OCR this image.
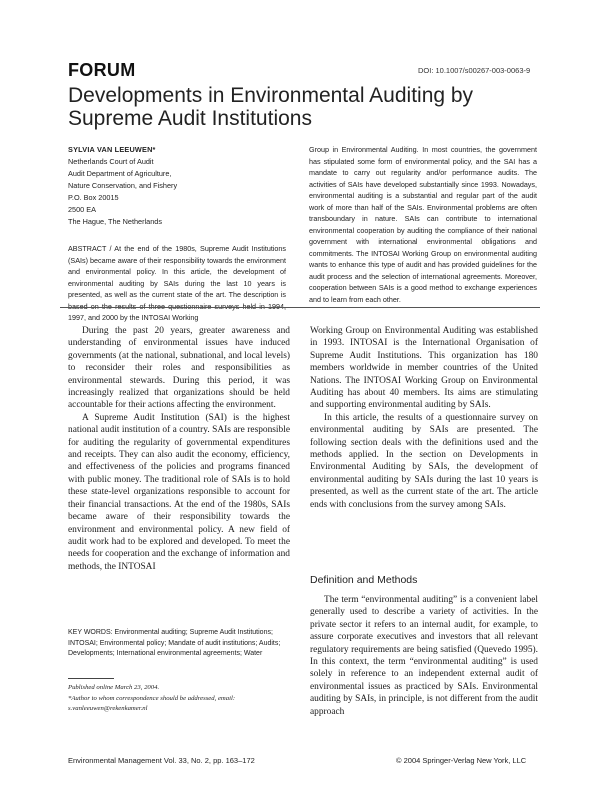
FORUM	DOI: 10.1007/s00267-003-0063-9
Developments in Environmental Auditing by Supreme Audit Institutions
SYLVIA VAN LEEUWEN*
Netherlands Court of Audit
Audit Department of Agriculture,
Nature Conservation, and Fishery
P.O. Box 20015
2500 EA
The Hague, The Netherlands
ABSTRACT / At the end of the 1980s, Supreme Audit Institutions (SAIs) became aware of their responsibility towards the environment and environmental policy. In this article, the development of environmental auditing by SAIs during the last 10 years is presented, as well as the current state of the art. The description is based on the results of three questionnaire surveys held in 1994, 1997, and 2000 by the INTOSAI Working
Group in Environmental Auditing. In most countries, the government has stipulated some form of environmental policy, and the SAI has a mandate to carry out regularity and/or performance audits. The activities of SAIs have developed substantially since 1993. Nowadays, environmental auditing is a substantial and regular part of the audit work of more than half of the SAIs. Environmental problems are often transboundary in nature. SAIs can contribute to international environmental cooperation by auditing the compliance of their national government with international environmental obligations and commitments. The INTOSAI Working Group on environmental auditing wants to enhance this type of audit and has provided guidelines for the audit process and the selection of international agreements. Moreover, cooperation between SAIs is a good method to exchange experiences and to learn from each other.

During the past 20 years, greater awareness and understanding of environmental issues have induced governments (at the national, subnational, and local levels) to reconsider their roles and responsibilities as environmental stewards. During this period, it was increasingly realized that organizations should be held accountable for their actions affecting the environment.

A Supreme Audit Institution (SAI) is the highest national audit institution of a country. SAIs are responsible for auditing the regularity of governmental expenditures and receipts. They can also audit the economy, efficiency, and effectiveness of the policies and programs financed with public money. The traditional role of SAIs is to hold these state-level organizations responsible to account for their financial transactions. At the end of the 1980s, SAIs became aware of their responsibility towards the environment and environmental policy. A new field of audit work had to be explored and developed. To meet the needs for cooperation and the exchange of information and methods, the INTOSAI

KEY WORDS: Environmental auditing; Supreme Audit Institutions; INTOSAI; Environmental policy; Mandate of audit institutions; Audits; Developments; International environmental agreements; Water
Published online March 23, 2004.
*Author to whom correspondence should be addressed, email: s.vanleeuwen@rekenkamer.nl

Working Group on Environmental Auditing was established in 1993. INTOSAI is the International Organisation of Supreme Audit Institutions. This organization has 180 members worldwide in member countries of the United Nations. The INTOSAI Working Group on Environmental Auditing has about 40 members. Its aims are stimulating and supporting environmental auditing by SAIs.

In this article, the results of a questionnaire survey on environmental auditing by SAIs are presented. The following section deals with the definitions used and the methods applied. In the section on Developments in Environmental Auditing by SAIs, the development of environmental auditing by SAIs during the last 10 years is presented, as well as the current state of the art. The article ends with conclusions from the survey among SAIs.

Definition and Methods

The term “environmental auditing” is a convenient label generally used to describe a variety of activities. In the private sector it refers to an internal audit, for example, to assure corporate executives and investors that all relevant regulatory requirements are being satisfied (Quevedo 1995). In this context, the term “environmental auditing” is used solely in reference to an independent external audit of environmental issues as practiced by SAIs. Environmental auditing by SAIs, in principle, is not different from the audit approach

Environmental Management Vol. 33, No. 2, pp. 163–172	© 2004 Springer-Verlag New York, LLC
